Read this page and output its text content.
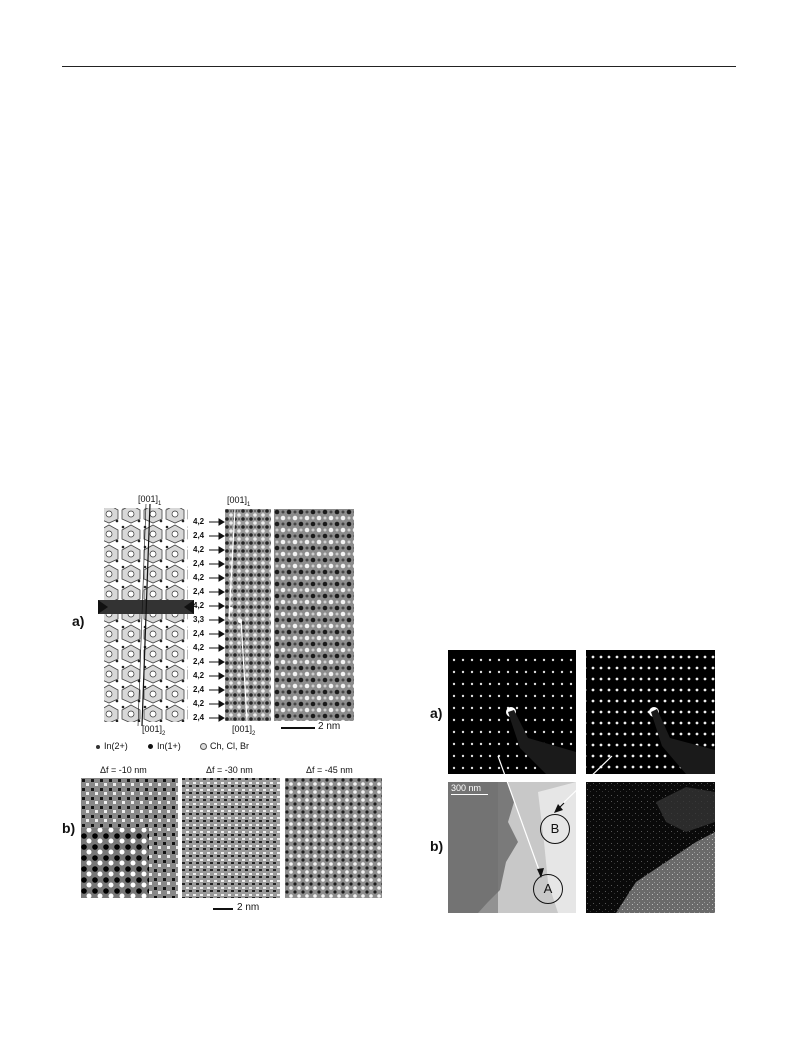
a)
$[001]_1$
$[001]_2$
$[001]_1$
4,2
2,4
4,2
2,4
4,2
2,4
4,2
3,3
2,4
4,2
2,4
4,2
2,4
4,2
2,4
$[001]_2$
2 nm
In(2+)	In(1+)	Ch, Cl, Br
b)
Δf = -10 nm	Δf = -30 nm	Δf = -45 nm
2 nm
a)
b)
300 nm
A
B
